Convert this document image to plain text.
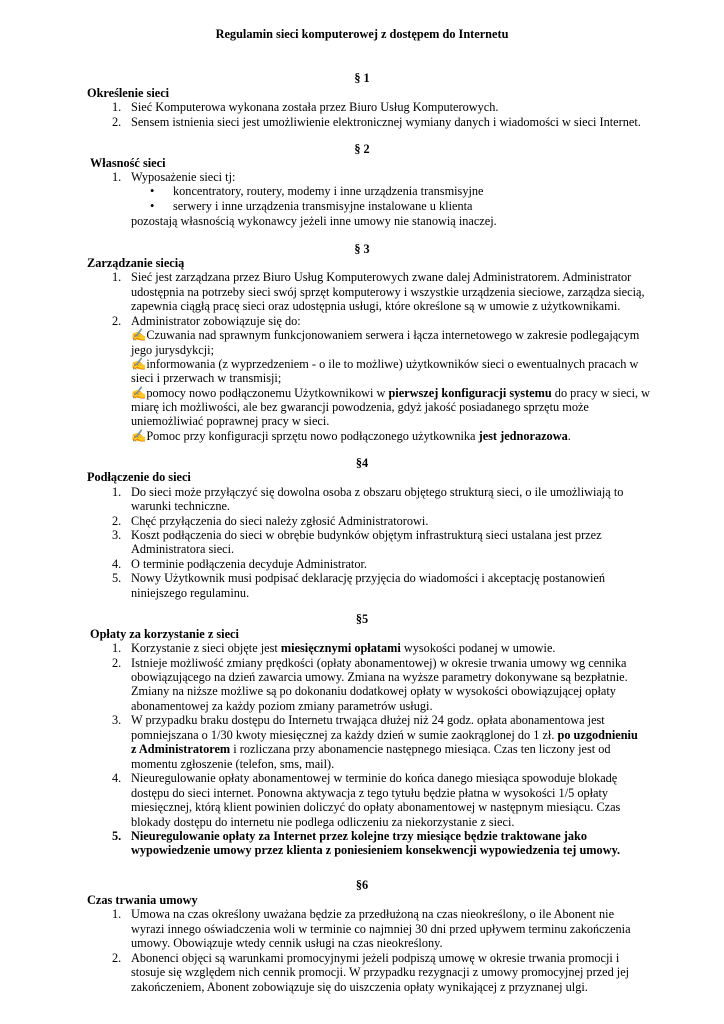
Regulamin sieci komputerowej z dostępem do Internetu
§ 1
Określenie sieci
1. Sieć Komputerowa wykonana została przez Biuro Usług Komputerowych.
2. Sensem istnienia sieci jest umożliwienie elektronicznej wymiany danych i wiadomości w sieci Internet.
§ 2
Własność sieci
1. Wyposażenie sieci tj:
• koncentratory, routery, modemy i inne urządzenia transmisyjne
• serwery i inne urządzenia transmisyjne instalowane u klienta
pozostają własnością wykonawcy jeżeli inne umowy nie stanowią inaczej.
§ 3
Zarządzanie siecią
1. Sieć jest zarządzana przez Biuro Usług Komputerowych zwane dalej Administratorem. Administrator
udostępnia na potrzeby sieci swój sprzęt komputerowy i wszystkie urządzenia sieciowe, zarządza siecią,
zapewnia ciągłą pracę sieci oraz udostępnia usługi, które określone są w umowie z użytkownikami.
2. Administrator zobowiązuje się do:
✍Czuwania nad sprawnym funkcjonowaniem serwera i łącza internetowego w zakresie podlegającym
jego jurysdykcji;
✍informowania (z wyprzedzeniem - o ile to możliwe) użytkowników sieci o ewentualnych pracach w
sieci i przerwach w transmisji;
✍pomocy nowo podłączonemu Użytkownikowi w pierwszej konfiguracji systemu do pracy w sieci, w
miarę ich możliwości, ale bez gwarancji powodzenia, gdyż jakość posiadanego sprzętu może
uniemożliwiać poprawnej pracy w sieci.
✍Pomoc przy konfiguracji sprzętu nowo podłączonego użytkownika jest jednorazowa.
§4
Podłączenie do sieci
1. Do sieci może przyłączyć się dowolna osoba z obszaru objętego strukturą sieci, o ile umożliwiają to
warunki techniczne.
2. Chęć przyłączenia do sieci należy zgłosić Administratorowi.
3. Koszt podłączenia do sieci w obrębie budynków objętym infrastrukturą sieci ustalana jest przez
Administratora sieci.
4. O terminie podłączenia decyduje Administrator.
5. Nowy Użytkownik musi podpisać deklarację przyjęcia do wiadomości i akceptację postanowień
niniejszego regulaminu.
§5
Opłaty za korzystanie z sieci
1. Korzystanie z sieci objęte jest miesięcznymi opłatami wysokości podanej w umowie.
2. Istnieje możliwość zmiany prędkości (opłaty abonamentowej) w okresie trwania umowy wg cennika
obowiązującego na dzień zawarcia umowy. Zmiana na wyższe parametry dokonywane są bezpłatnie.
Zmiany na niższe możliwe są po dokonaniu dodatkowej opłaty w wysokości obowiązującej opłaty
abonamentowej za każdy poziom zmiany parametrów usługi.
3. W przypadku braku dostępu do Internetu trwająca dłużej niż 24 godz. opłata abonamentowa jest
pomniejszana o 1/30 kwoty miesięcznej za każdy dzień w sumie zaokrąglonej do 1 zł. po uzgodnieniu
z Administratorem i rozliczana przy abonamencie następnego miesiąca. Czas ten liczony jest od
momentu zgłoszenie (telefon, sms, mail).
4. Nieuregulowanie opłaty abonamentowej w terminie do końca danego miesiąca spowoduje blokadę
dostępu do sieci internet. Ponowna aktywacja z tego tytułu będzie płatna w wysokości 1/5 opłaty
miesięcznej, którą klient powinien doliczyć do opłaty abonamentowej w następnym miesiącu. Czas
blokady dostępu do internetu nie podlega odliczeniu za niekorzystanie z sieci.
5. Nieuregulowanie opłaty za Internet przez kolejne trzy miesiące będzie traktowane jako
wypowiedzenie umowy przez klienta z poniesieniem konsekwencji wypowiedzenia tej umowy.
§6
Czas trwania umowy
1. Umowa na czas określony uważana będzie za przedłużoną na czas nieokreślony, o ile Abonent nie
wyrazi innego oświadczenia woli w terminie co najmniej 30 dni przed upływem terminu zakończenia
umowy. Obowiązuje wtedy cennik usługi na czas nieokreślony.
2. Abonenci objęci są warunkami promocyjnymi jeżeli podpiszą umowę w okresie trwania promocji i
stosuje się względem nich cennik promocji. W przypadku rezygnacji z umowy promocyjnej przed jej
zakończeniem, Abonent zobowiązuje się do uiszczenia opłaty wynikającej z przyznanej ulgi.
